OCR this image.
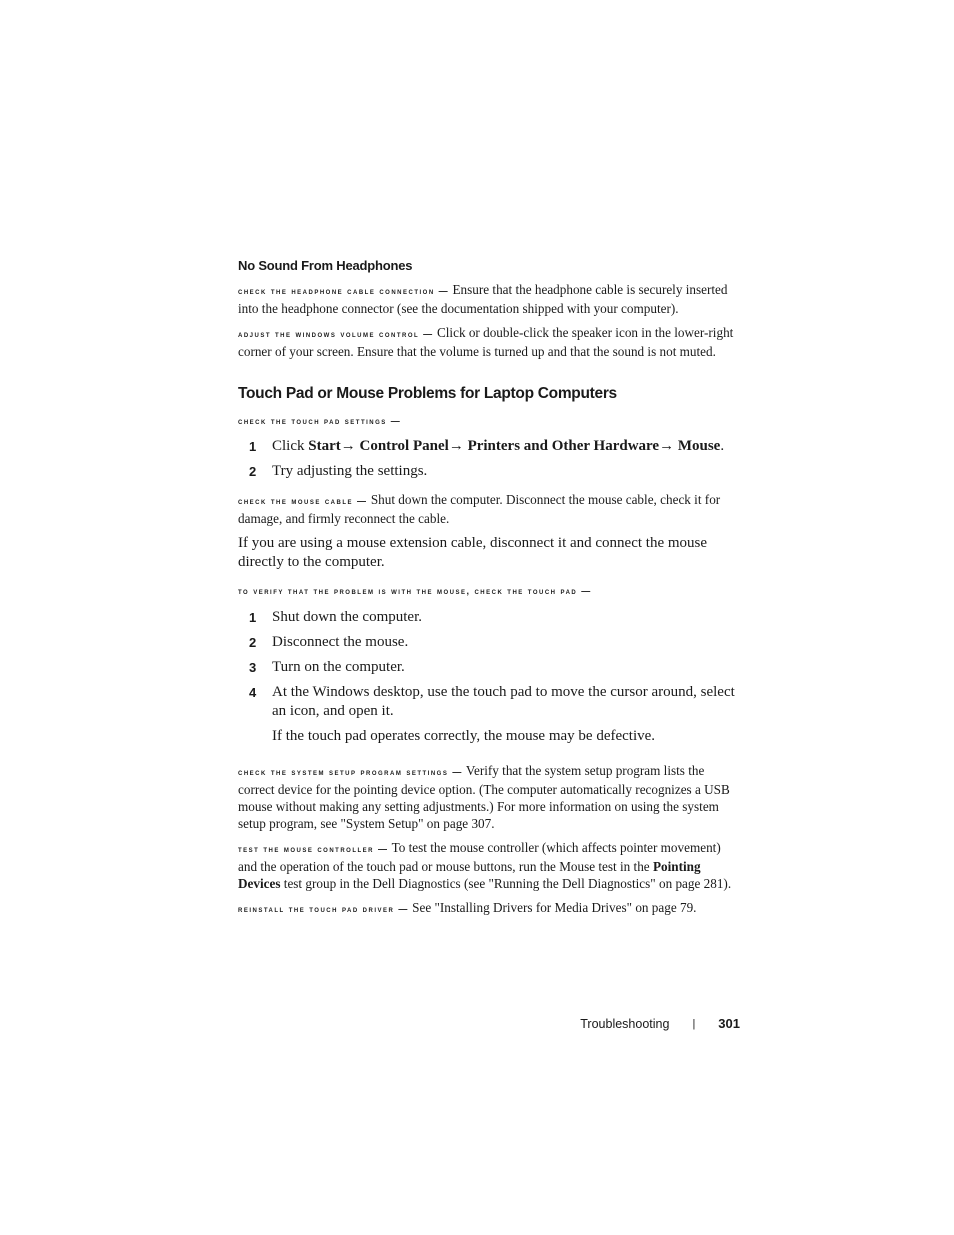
No Sound From Headphones

check the headphone cable connection — Ensure that the headphone cable is securely inserted into the headphone connector (see the documentation shipped with your computer).

adjust the windows volume control — Click or double-click the speaker icon in the lower-right corner of your screen. Ensure that the volume is turned up and that the sound is not muted.

Touch Pad or Mouse Problems for Laptop Computers

check the touch pad settings —

1	Click Start→ Control Panel→ Printers and Other Hardware→ Mouse.
2	Try adjusting the settings.

check the mouse cable — Shut down the computer. Disconnect the mouse cable, check it for damage, and firmly reconnect the cable.

If you are using a mouse extension cable, disconnect it and connect the mouse directly to the computer.

to verify that the problem is with the mouse, check the touch pad —

1	Shut down the computer.
2	Disconnect the mouse.
3	Turn on the computer.
4	At the Windows desktop, use the touch pad to move the cursor around, select an icon, and open it.

If the touch pad operates correctly, the mouse may be defective.

check the system setup program settings — Verify that the system setup program lists the correct device for the pointing device option. (The computer automatically recognizes a USB mouse without making any setting adjustments.) For more information on using the system setup program, see "System Setup" on page 307.

test the mouse controller — To test the mouse controller (which affects pointer movement) and the operation of the touch pad or mouse buttons, run the Mouse test in the Pointing Devices test group in the Dell Diagnostics (see "Running the Dell Diagnostics" on page 281).

reinstall the touch pad driver — See "Installing Drivers for Media Drives" on page 79.

Troubleshooting | 301
